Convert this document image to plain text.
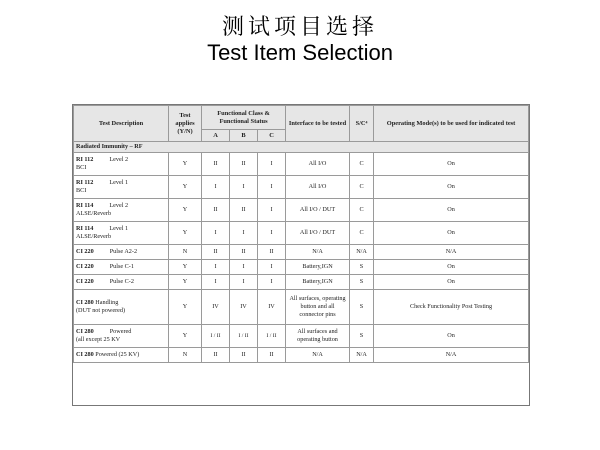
测试项目选择
Test Item Selection
Test Description	Test applies (Y/N)	Functional Class & Functional Status			Interface to be tested	S/C⁴	Operating Mode(s) to be used for indicated test
		A	B	C			
Radiated Immunity – RF							
RI 112 Level 2
BCI	Y	II	II	I	All I/O	C	On
RI 112 Level 1
BCI	Y	I	I	I	All I/O	C	On
RI 114 Level 2
ALSE/Reverb	Y	II	II	I	All I/O / DUT	C	On
RI 114 Level 1
ALSE/Reverb	Y	I	I	I	All I/O / DUT	C	On
CI 220 Pulse A2-2	N	II	II	II	N/A	N/A	N/A
CI 220 Pulse C-1	Y	I	I	I	Battery,IGN	S	On
CI 220 Pulse C-2	Y	I	I	I	Battery,IGN	S	On
CI 280 Handling
(DUT not powered)	Y	IV	IV	IV	All surfaces, operating button and all connector pins	S	Check Functionality Post Testing
CI 280 Powered
(all except 25 KV	Y	I / II	I / II	I / II	All surfaces and operating button	S	On
CI 280 Powered (25 KV)	N	II	II	II	N/A	N/A	N/A
